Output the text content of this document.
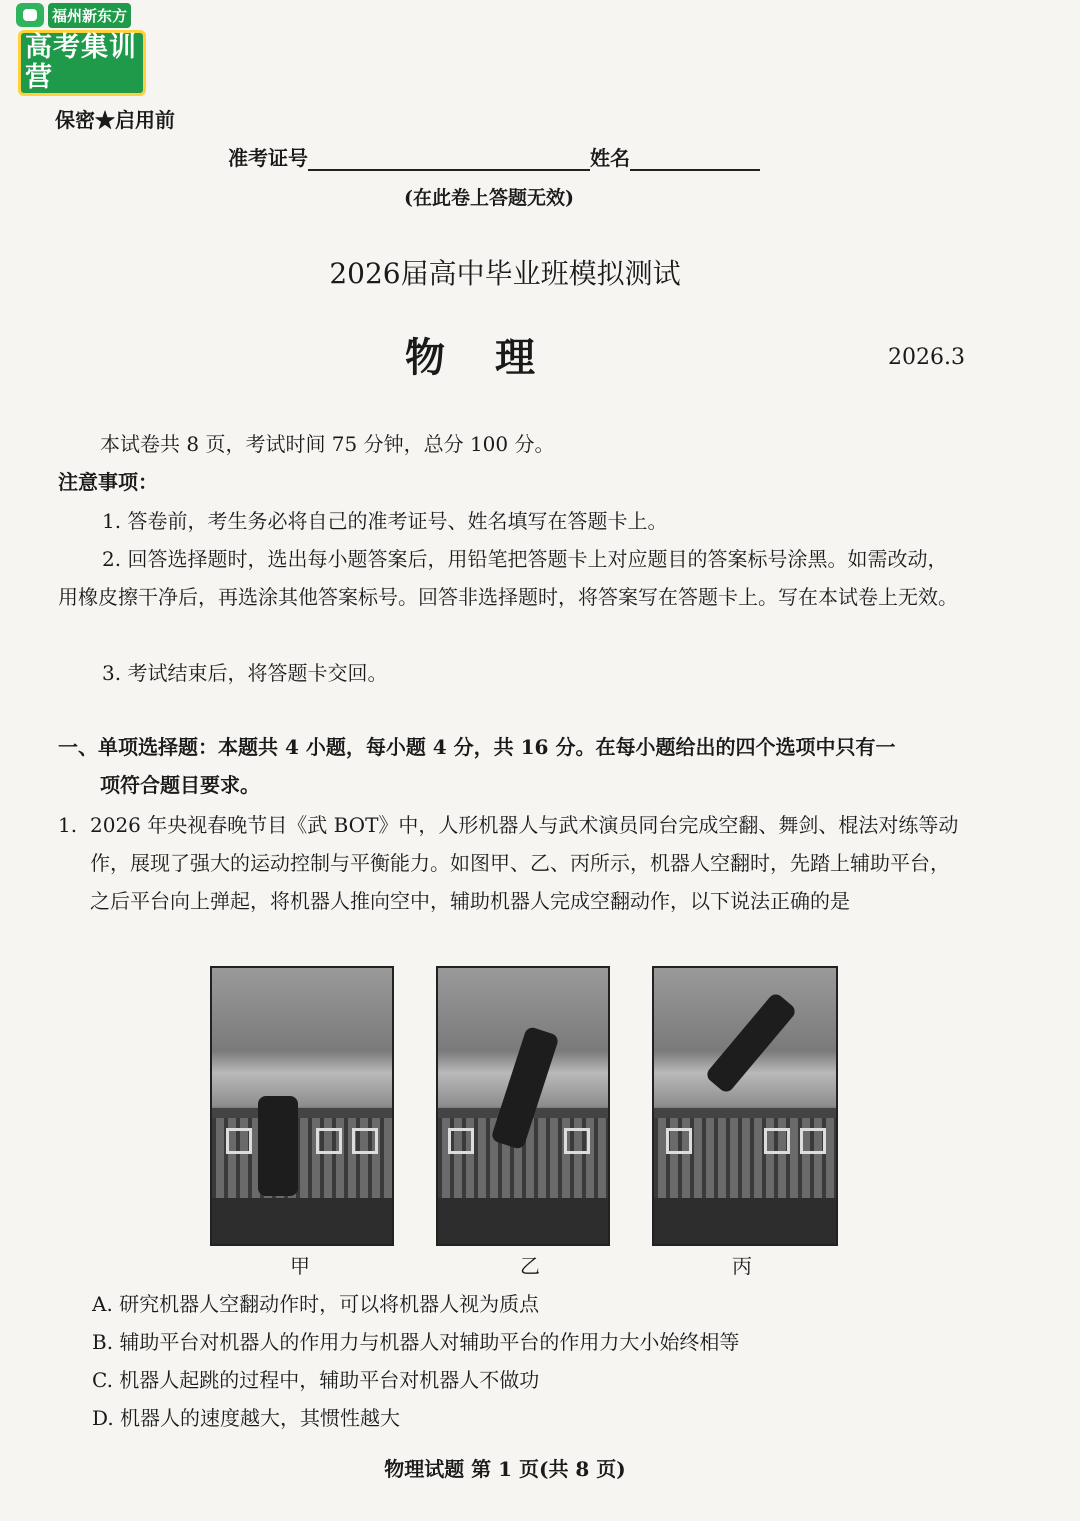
福州新东方
高考集训营
保密★启用前
准考证号	姓名
(在此卷上答题无效)
2026届高中毕业班模拟测试
物理	2026.3
本试卷共 8 页，考试时间 75 分钟，总分 100 分。
注意事项：
1. 答卷前，考生务必将自己的准考证号、姓名填写在答题卡上。
2. 回答选择题时，选出每小题答案后，用铅笔把答题卡上对应题目的答案标号涂黑。如需改动，用橡皮擦干净后，再选涂其他答案标号。回答非选择题时，将答案写在答题卡上。写在本试卷上无效。
3. 考试结束后，将答题卡交回。
一、单项选择题：本题共 4 小题，每小题 4 分，共 16 分。在每小题给出的四个选项中只有一
项符合题目要求。
1. 2026 年央视春晚节目《武 BOT》中，人形机器人与武术演员同台完成空翻、舞剑、棍法对练等动作，展现了强大的运动控制与平衡能力。如图甲、乙、丙所示，机器人空翻时，先踏上辅助平台，之后平台向上弹起，将机器人推向空中，辅助机器人完成空翻动作，以下说法正确的是
甲	乙	丙
A. 研究机器人空翻动作时，可以将机器人视为质点
B. 辅助平台对机器人的作用力与机器人对辅助平台的作用力大小始终相等
C. 机器人起跳的过程中，辅助平台对机器人不做功
D. 机器人的速度越大，其惯性越大
物理试题 第 1 页(共 8 页)
